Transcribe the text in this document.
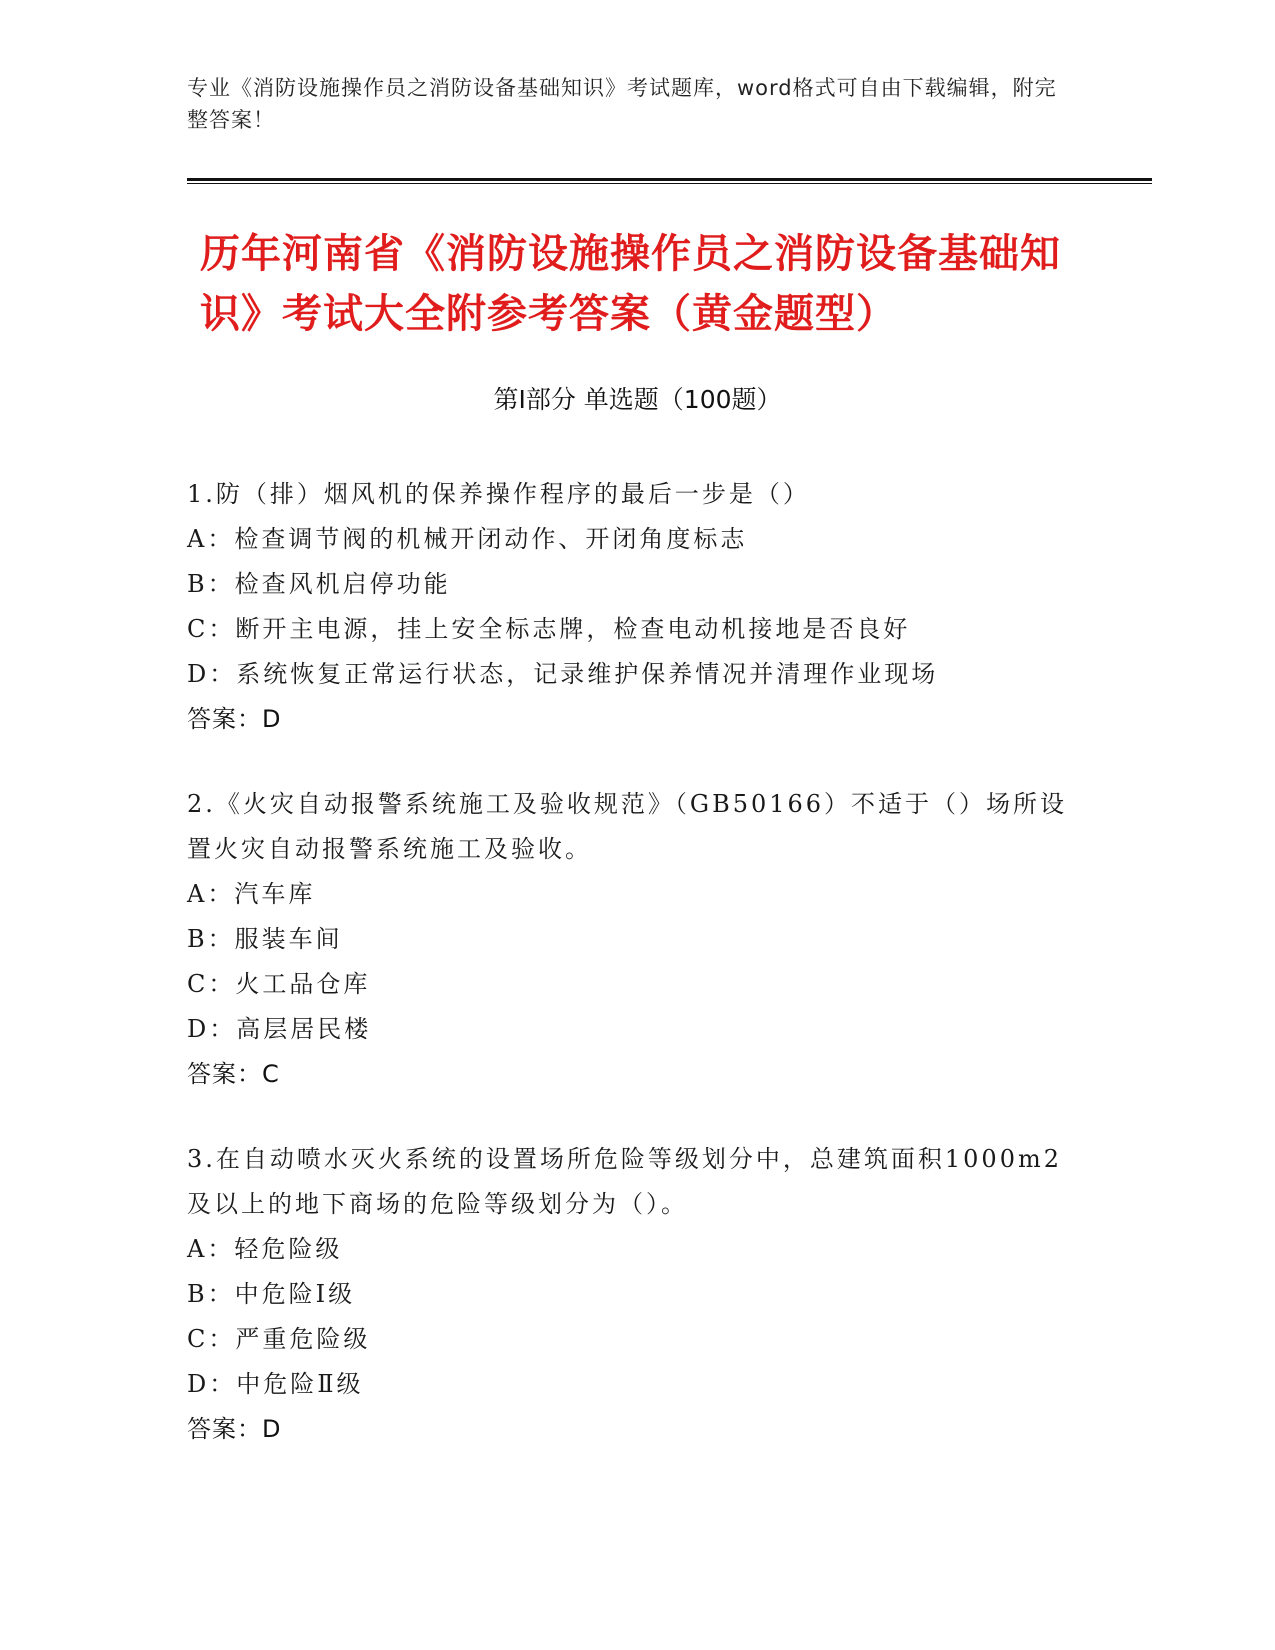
专业《消防设施操作员之消防设备基础知识》考试题库，word格式可自由下载编辑，附完整答案！
历年河南省《消防设施操作员之消防设备基础知识》考试大全附参考答案（黄金题型）
第I部分 单选题（100题）
1.防（排）烟风机的保养操作程序的最后一步是（）
A：检查调节阀的机械开闭动作、开闭角度标志
B：检查风机启停功能
C：断开主电源，挂上安全标志牌，检查电动机接地是否良好
D：系统恢复正常运行状态，记录维护保养情况并清理作业现场
答案：D
2.《火灾自动报警系统施工及验收规范》（GB50166）不适于（）场所设置火灾自动报警系统施工及验收。
A：汽车库
B：服装车间
C：火工品仓库
D：高层居民楼
答案：C
3.在自动喷水灭火系统的设置场所危险等级划分中，总建筑面积1000m2及以上的地下商场的危险等级划分为（）。
A：轻危险级
B：中危险Ⅰ级
C：严重危险级
D：中危险Ⅱ级
答案：D
